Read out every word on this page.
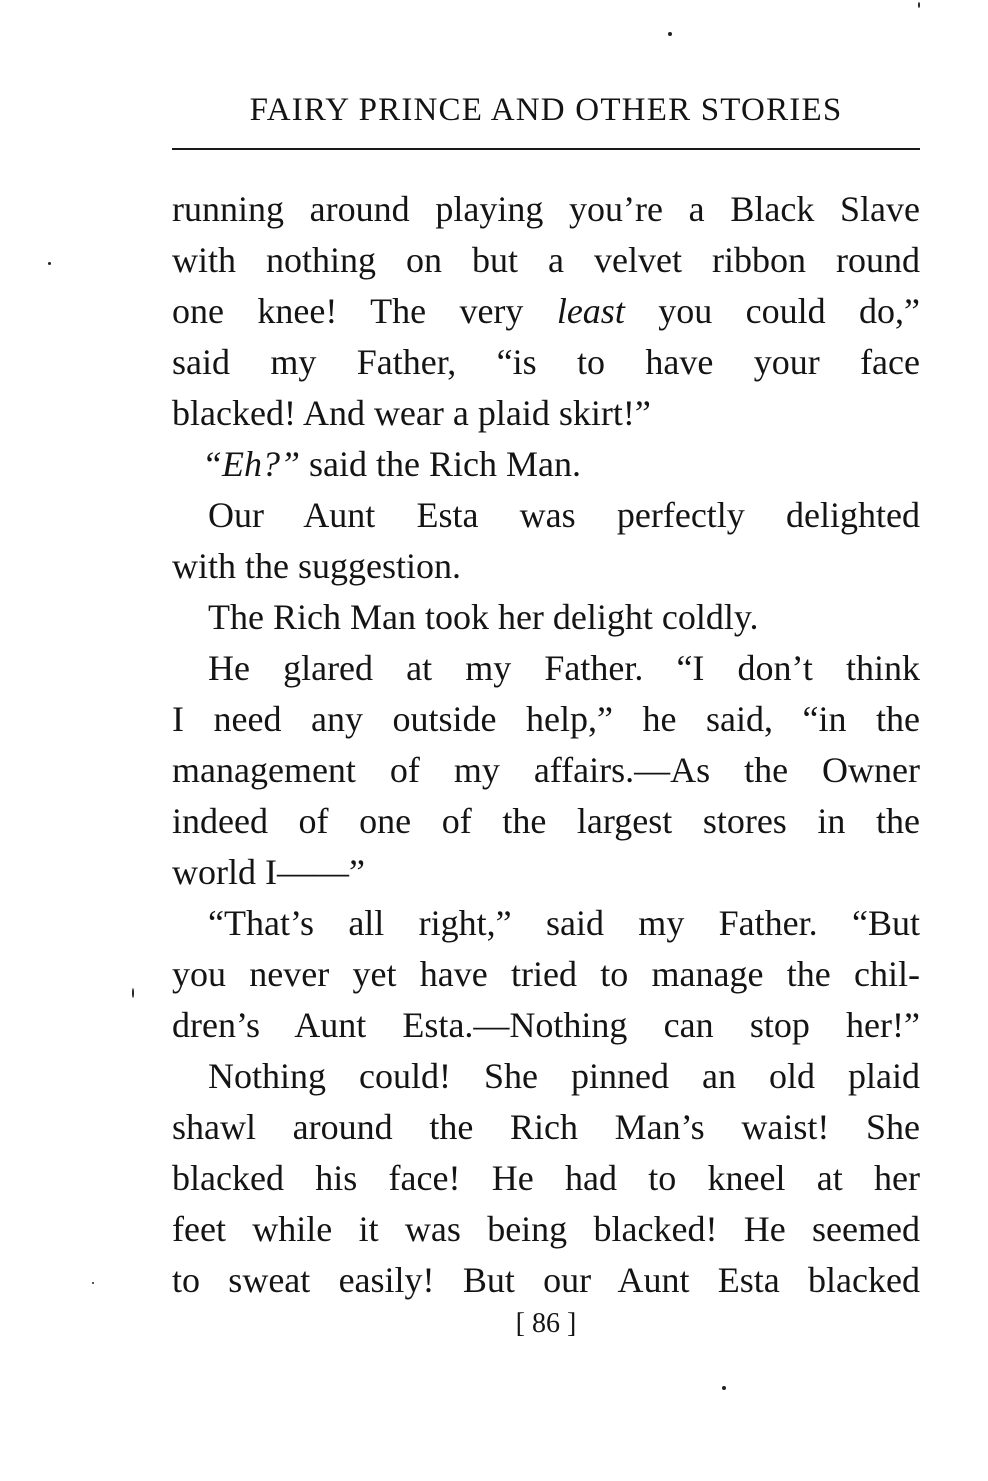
FAIRY PRINCE AND OTHER STORIES
running around playing you’re a Black Slave
with nothing on but a velvet ribbon round
one knee! The very least you could do,”
said my Father, “is to have your face
blacked! And wear a plaid skirt!”
“Eh?” said the Rich Man.
Our Aunt Esta was perfectly delighted
with the suggestion.
The Rich Man took her delight coldly.
He glared at my Father. “I don’t think
I need any outside help,” he said, “in the
management of my affairs.—As the Owner
indeed of one of the largest stores in the
world I——”
“That’s all right,” said my Father. “But
you never yet have tried to manage the chil-
dren’s Aunt Esta.—Nothing can stop her!”
Nothing could! She pinned an old plaid
shawl around the Rich Man’s waist! She
blacked his face! He had to kneel at her
feet while it was being blacked! He seemed
to sweat easily! But our Aunt Esta blacked
[ 86 ]
